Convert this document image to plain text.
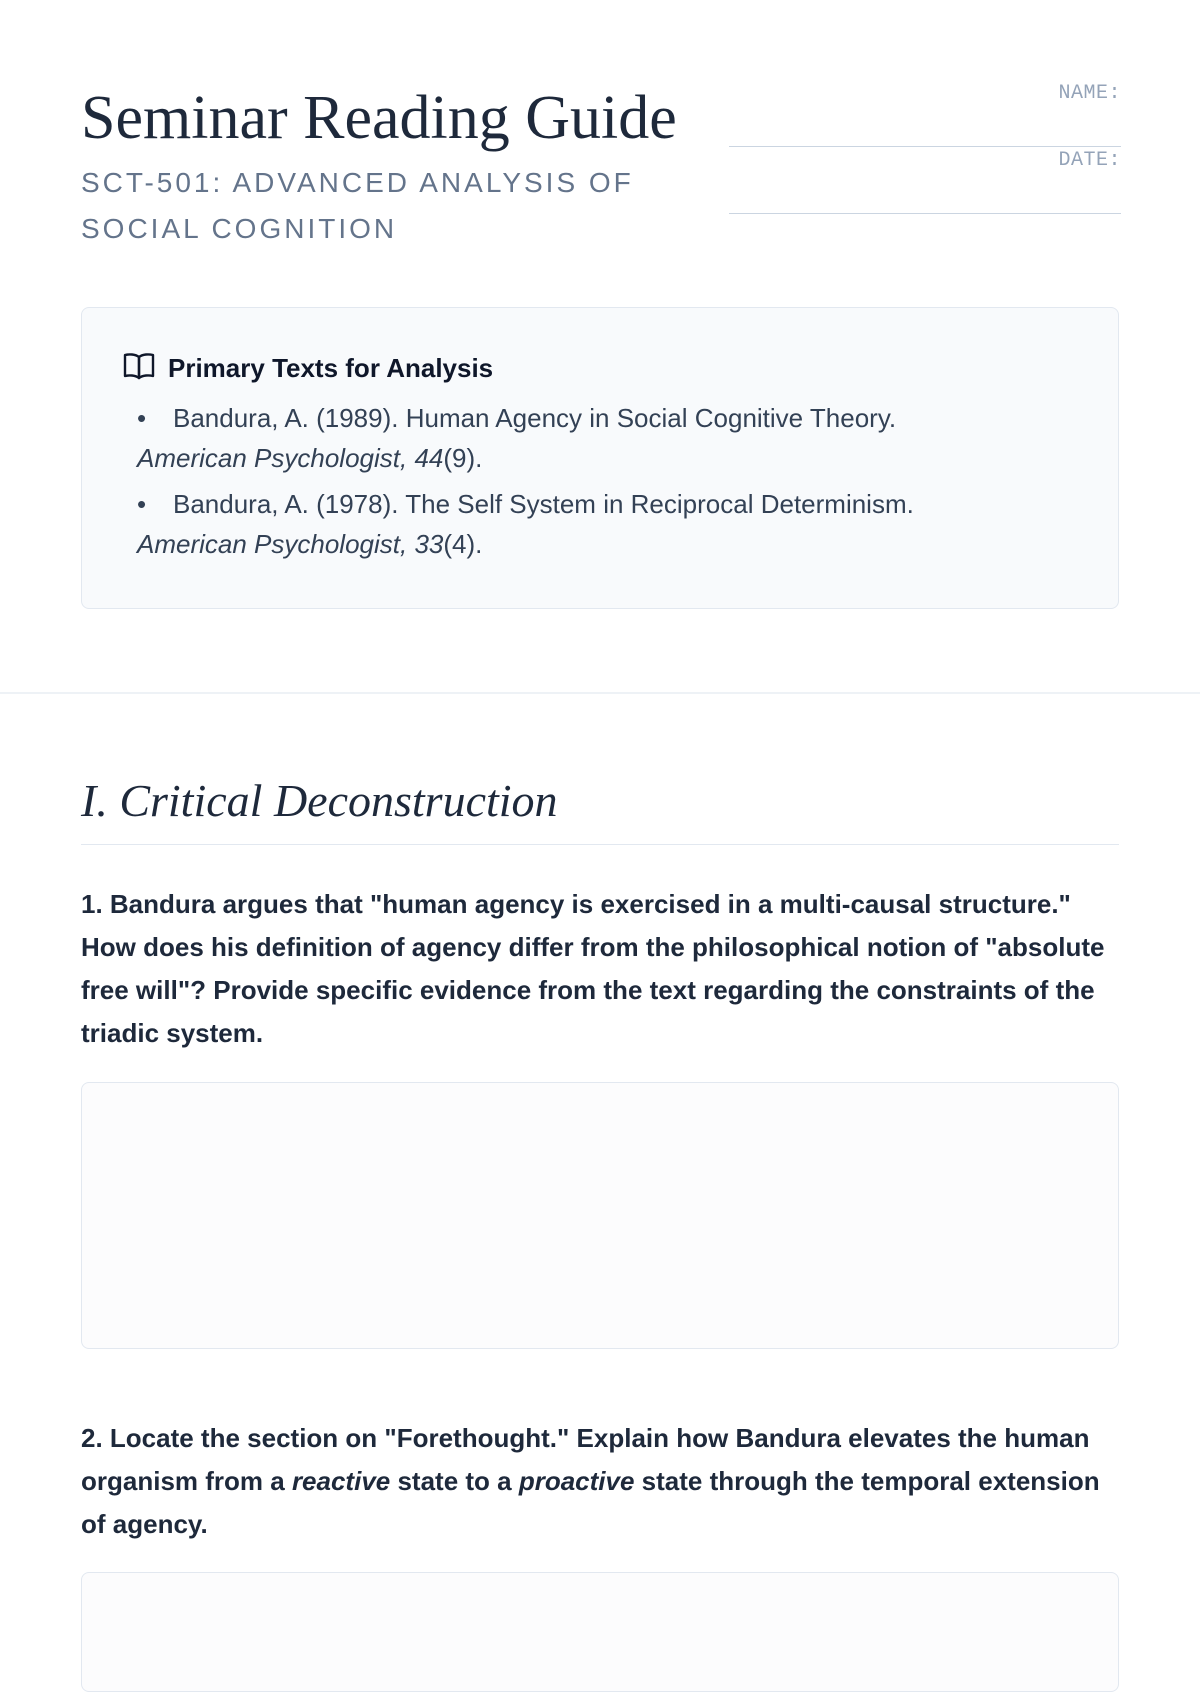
Seminar Reading Guide
SCT-501: ADVANCED ANALYSIS OF SOCIAL COGNITION
NAME:
DATE:
Primary Texts for Analysis
• Bandura, A. (1989). Human Agency in Social Cognitive Theory.
American Psychologist, 44(9).
• Bandura, A. (1978). The Self System in Reciprocal Determinism.
American Psychologist, 33(4).
I. Critical Deconstruction

1. Bandura argues that "human agency is exercised in a multi-causal structure." How does his definition of agency differ from the philosophical notion of "absolute free will"? Provide specific evidence from the text regarding the constraints of the triadic system.

2. Locate the section on "Forethought." Explain how Bandura elevates the human organism from a reactive state to a proactive state through the temporal extension of agency.
